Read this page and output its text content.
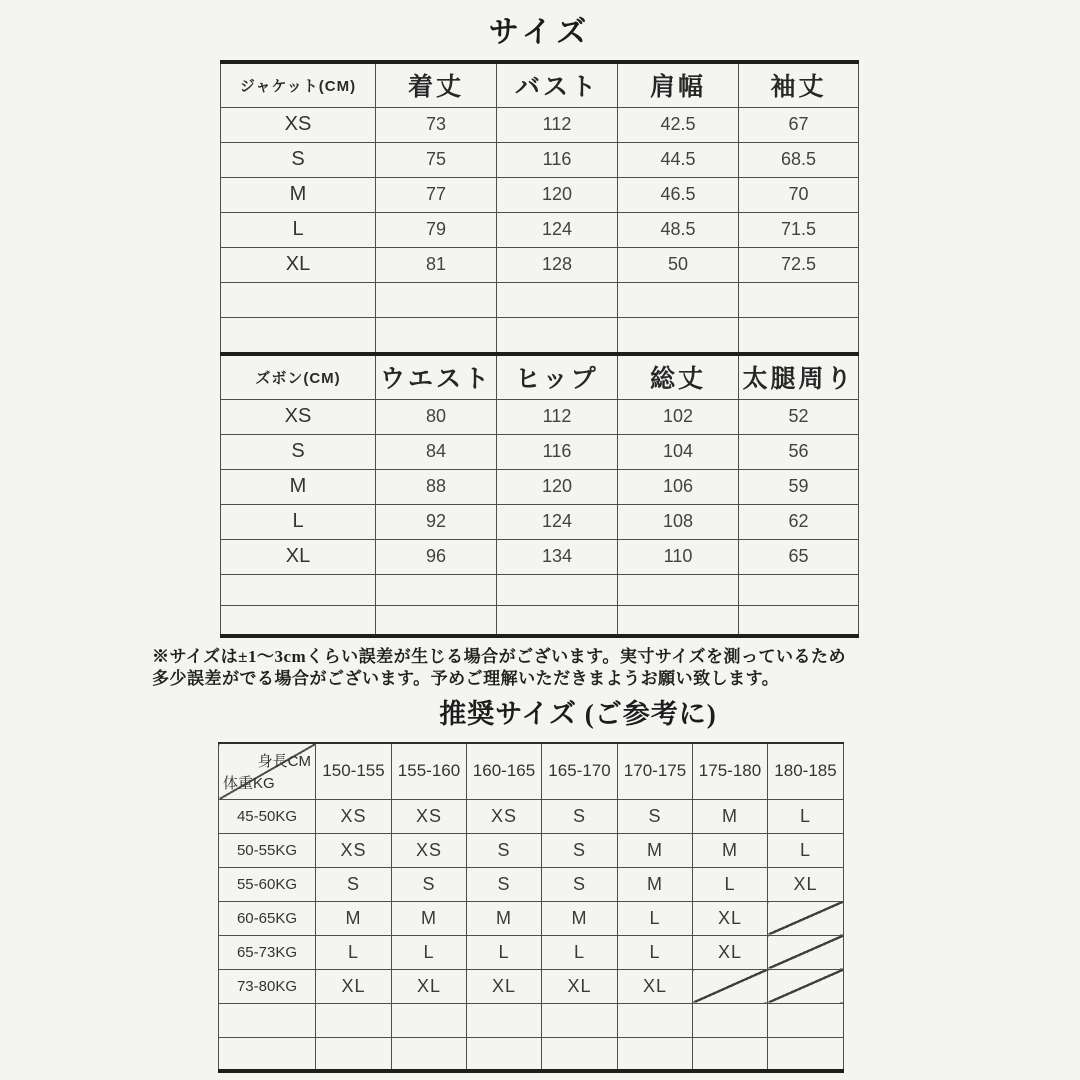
サイズ
ジャケット(CM)	着丈	バスト	肩幅	袖丈
XS	73	112	42.5	67
S	75	116	44.5	68.5
M	77	120	46.5	70
L	79	124	48.5	71.5
XL	81	128	50	72.5

ズボン(CM)	ウエスト	ヒップ	総丈	太腿周り
XS	80	112	102	52
S	84	116	104	56
M	88	120	106	59
L	92	124	108	62
XL	96	134	110	65

※サイズは±1～3cmくらい誤差が生じる場合がございます。実寸サイズを測っているため
多少誤差がでる場合がございます。予めご理解いただきまようお願い致します。

推奨サイズ (ご参考に)
身長CM
体重KG	150-155	155-160	160-165	165-170	170-175	175-180	180-185
45-50KG	XS	XS	XS	S	S	M	L
50-55KG	XS	XS	S	S	M	M	L
55-60KG	S	S	S	S	M	L	XL
60-65KG	M	M	M	M	L	XL	
65-73KG	L	L	L	L	L	XL	
73-80KG	XL	XL	XL	XL	XL		
